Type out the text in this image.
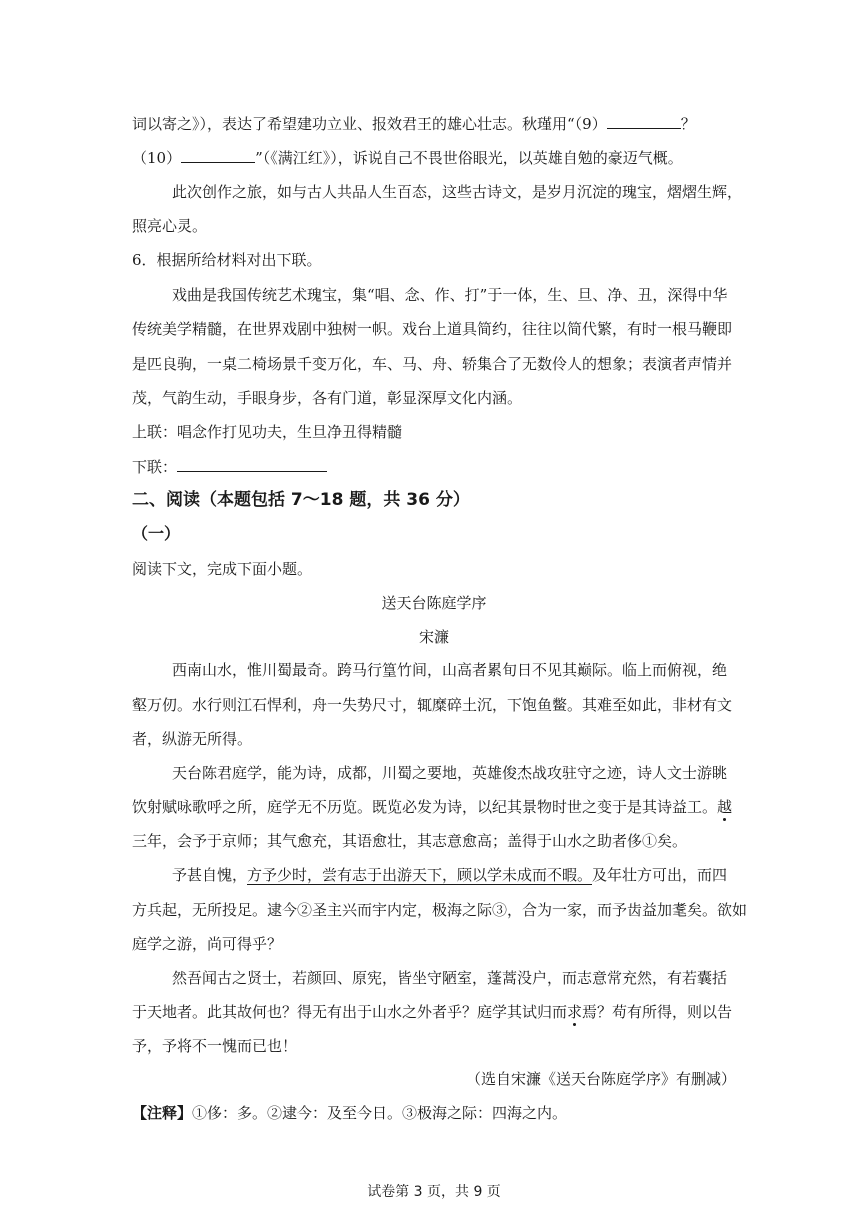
词以寄之》），表达了希望建功立业、报效君王的雄心壮志。秋瑾用“（9）	？
（10）	”（《满江红》），诉说自己不畏世俗眼光，以英雄自勉的豪迈气概。
此次创作之旅，如与古人共品人生百态，这些古诗文，是岁月沉淀的瑰宝，熠熠生辉，
照亮心灵。
6．根据所给材料对出下联。
戏曲是我国传统艺术瑰宝，集“唱、念、作、打”于一体，生、旦、净、丑，深得中华
传统美学精髓，在世界戏剧中独树一帜。戏台上道具简约，往往以简代繁，有时一根马鞭即
是匹良驹，一桌二椅场景千变万化，车、马、舟、轿集合了无数伶人的想象；表演者声情并
茂，气韵生动，手眼身步，各有门道，彰显深厚文化内涵。
上联：唱念作打见功夫，生旦净丑得精髓
下联：
二、阅读（本题包括 7～18 题，共 36 分）
（一）
阅读下文，完成下面小题。
送天台陈庭学序
宋濂
西南山水，惟川蜀最奇。跨马行篁竹间，山高者累旬日不见其巅际。临上而俯视，绝
壑万仞。水行则江石悍利，舟一失势尺寸，辄糜碎土沉，下饱鱼鳖。其难至如此，非材有文
者，纵游无所得。
天台陈君庭学，能为诗，成都，川蜀之要地，英雄俊杰战攻驻守之迹，诗人文士游眺
饮射赋咏歌呼之所，庭学无不历览。既览必发为诗，以纪其景物时世之变于是其诗益工。越
三年，会予于京师；其气愈充，其语愈壮，其志意愈高；盖得于山水之助者侈①矣。
予甚自愧，方予少时，尝有志于出游天下，顾以学未成而不暇。及年壮方可出，而四
方兵起，无所投足。逮今②圣主兴而宇内定，极海之际③，合为一家，而予齿益加耄矣。欲如
庭学之游，尚可得乎？
然吾闻古之贤士，若颜回、原宪，皆坐守陋室，蓬蒿没户，而志意常充然，有若囊括
于天地者。此其故何也？得无有出于山水之外者乎？庭学其试归而求焉？苟有所得，则以告
予，予将不一愧而已也！
（选自宋濂《送天台陈庭学序》有删减）
【注释】①侈：多。②逮今：及至今日。③极海之际：四海之内。
试卷第 3 页，共 9 页
